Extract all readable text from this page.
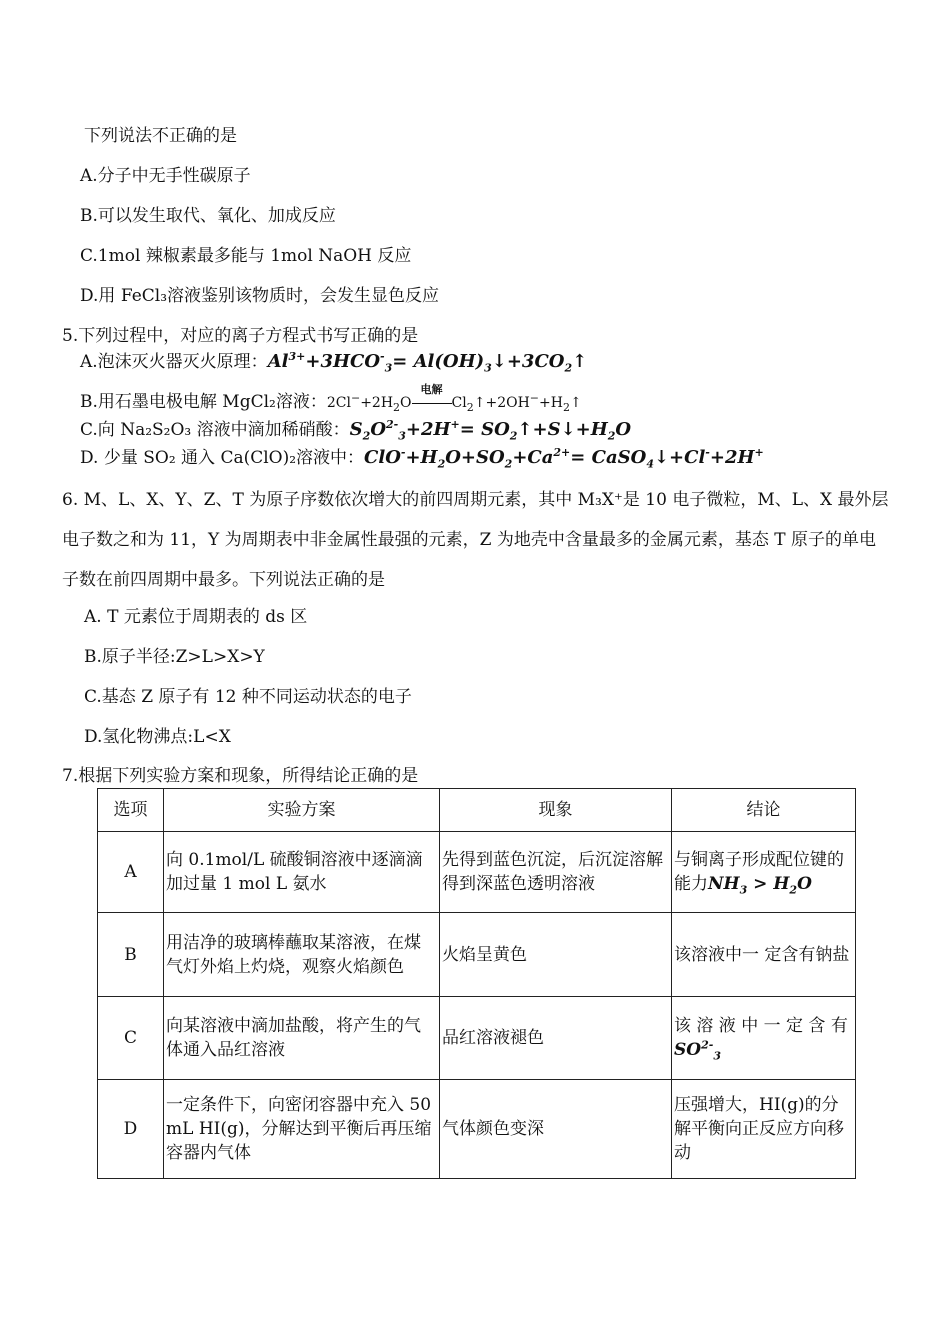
下列说法不正确的是
A.分子中无手性碳原子
B.可以发生取代、氧化、加成反应
C.1mol 辣椒素最多能与 1mol NaOH 反应
D.用 FeCl₃溶液鉴别该物质时，会发生显色反应
5.下列过程中，对应的离子方程式书写正确的是
A.泡沫灭火器灭火原理：$Al^{3+}+3HCO^-_3=$ $Al(OH)_3↓+3CO_2↑$
B.用石墨电极电解 MgCl₂溶液：$2Cl^-+2H_2O$
电解
$Cl_2↑+2OH^-+H_2↑$
C.向 Na₂S₂O₃ 溶液中滴加稀硝酸：$S_2O^{2-}_3+2H^+=$ $SO_2↑+S↓+H_2O$
D. 少量 SO₂ 通入 Ca(ClO)₂溶液中：$ClO^-+H_2O+SO_2+Ca^{2+}=$ CaSO$_4$↓+Cl-+2H+
6. M、L、X、Y、Z、T 为原子序数依次增大的前四周期元素，其中 M₃X⁺是 10 电子微粒，M、L、X 最外层电子数之和为 11，Y 为周期表中非金属性最强的元素，Z 为地壳中含量最多的金属元素，基态 T 原子的单电子数在前四周期中最多。下列说法正确的是
A. T 元素位于周期表的 ds 区
B.原子半径:Z>L>X>Y
C.基态 Z 原子有 12 种不同运动状态的电子
D.氢化物沸点:L<X
7.根据下列实验方案和现象，所得结论正确的是
选项	实验方案	现象	结论
A	向 0.1mol/L 硫酸铜溶液中逐滴滴加过量 1 mol L 氨水	先得到蓝色沉淀，后沉淀溶解得到深蓝色透明溶液	与铜离子形成配位键的能力$NH_3 > H_2O$
B	用洁净的玻璃棒蘸取某溶液，在煤气灯外焰上灼烧，观察火焰颜色	火焰呈黄色	该溶液中一 定含有钠盐
C	向某溶液中滴加盐酸，将产生的气体通入品红溶液	品红溶液褪色	该 溶 液 中 一 定 含 有$SO^{2-}_3$
D	一定条件下，向密闭容器中充入 50 mL HI(g)，分解达到平衡后再压缩容器内气体	气体颜色变深	压强增大，HI(g)的分解平衡向正反应方向移动
